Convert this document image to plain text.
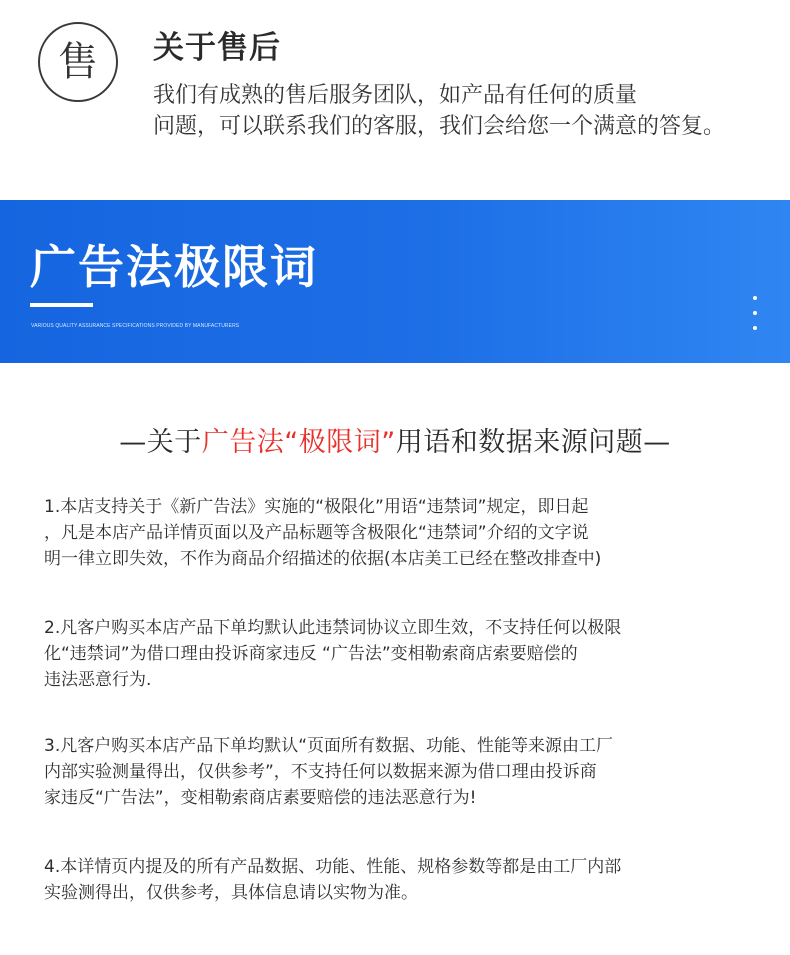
售 关于售后
我们有成熟的售后服务团队，如产品有任何的质量
问题，可以联系我们的客服，我们会给您一个满意的答复。
广告法极限词
VARIOUS QUALITY ASSURANCE SPECIFICATIONS PROVIDED BY MANUFACTURERS
—关于广告法“极限词”用语和数据来源问题—
1.本店支持关于《新广告法》实施的“极限化”用语“违禁词”规定，即日起
，凡是本店产品详情页面以及产品标题等含极限化“违禁词”介绍的文字说
明一律立即失效，不作为商品介绍描述的依据(本店美工已经在整改排查中)
2.凡客户购买本店产品下单均默认此违禁词协议立即生效，不支持任何以极限
化“违禁词”为借口理由投诉商家违反 “广告法”变相勒索商店索要赔偿的
违法恶意行为.
3.凡客户购买本店产品下单均默认“页面所有数据、功能、性能等来源由工厂
内部实验测量得出，仅供参考”，不支持任何以数据来源为借口理由投诉商
家违反“广告法”，变相勒索商店素要赔偿的违法恶意行为!
4.本详情页内提及的所有产品数据、功能、性能、规格参数等都是由工厂内部
实验测得出，仅供参考，具体信息请以实物为准。
